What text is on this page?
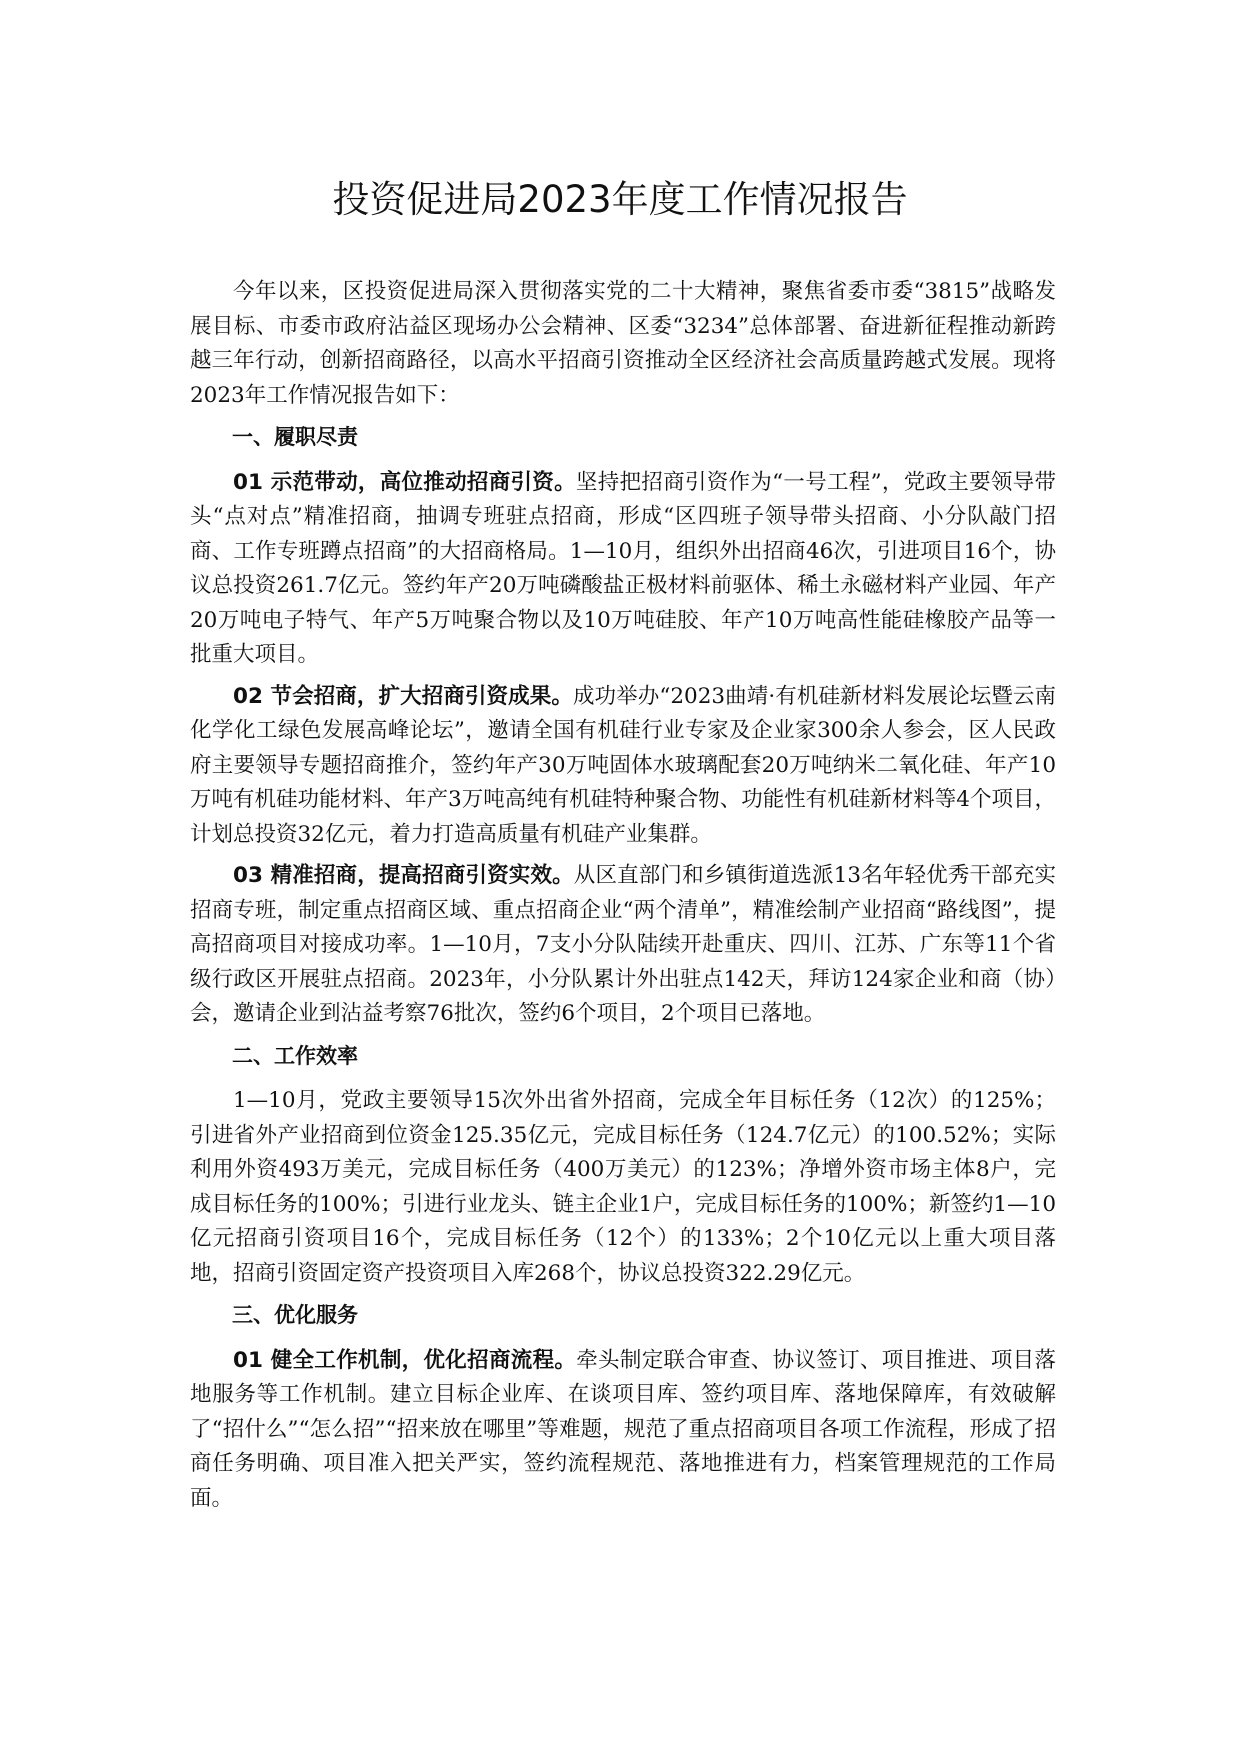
投资促进局2023年度工作情况报告

今年以来，区投资促进局深入贯彻落实党的二十大精神，聚焦省委市委“3815”战略发展目标、市委市政府沾益区现场办公会精神、区委“3234”总体部署、奋进新征程推动新跨越三年行动，创新招商路径，以高水平招商引资推动全区经济社会高质量跨越式发展。现将2023年工作情况报告如下：

一、履职尽责

01 示范带动，高位推动招商引资。坚持把招商引资作为“一号工程”，党政主要领导带头“点对点”精准招商，抽调专班驻点招商，形成“区四班子领导带头招商、小分队敲门招商、工作专班蹲点招商”的大招商格局。1—10月，组织外出招商46次，引进项目16个，协议总投资261.7亿元。签约年产20万吨磷酸盐正极材料前驱体、稀土永磁材料产业园、年产20万吨电子特气、年产5万吨聚合物以及10万吨硅胶、年产10万吨高性能硅橡胶产品等一批重大项目。

02 节会招商，扩大招商引资成果。成功举办“2023曲靖·有机硅新材料发展论坛暨云南化学化工绿色发展高峰论坛”，邀请全国有机硅行业专家及企业家300余人参会，区人民政府主要领导专题招商推介，签约年产30万吨固体水玻璃配套20万吨纳米二氧化硅、年产10万吨有机硅功能材料、年产3万吨高纯有机硅特种聚合物、功能性有机硅新材料等4个项目，计划总投资32亿元，着力打造高质量有机硅产业集群。

03 精准招商，提高招商引资实效。从区直部门和乡镇街道选派13名年轻优秀干部充实招商专班，制定重点招商区域、重点招商企业“两个清单”，精准绘制产业招商“路线图”，提高招商项目对接成功率。1—10月，7支小分队陆续开赴重庆、四川、江苏、广东等11个省级行政区开展驻点招商。2023年，小分队累计外出驻点142天，拜访124家企业和商（协）会，邀请企业到沾益考察76批次，签约6个项目，2个项目已落地。

二、工作效率

1—10月，党政主要领导15次外出省外招商，完成全年目标任务（12次）的125%；引进省外产业招商到位资金125.35亿元，完成目标任务（124.7亿元）的100.52%；实际利用外资493万美元，完成目标任务（400万美元）的123%；净增外资市场主体8户，完成目标任务的100%；引进行业龙头、链主企业1户，完成目标任务的100%；新签约1—10亿元招商引资项目16个，完成目标任务（12个）的133%；2个10亿元以上重大项目落地，招商引资固定资产投资项目入库268个，协议总投资322.29亿元。

三、优化服务

01 健全工作机制，优化招商流程。牵头制定联合审查、协议签订、项目推进、项目落地服务等工作机制。建立目标企业库、在谈项目库、签约项目库、落地保障库，有效破解了“招什么”“怎么招”“招来放在哪里”等难题，规范了重点招商项目各项工作流程，形成了招商任务明确、项目准入把关严实，签约流程规范、落地推进有力，档案管理规范的工作局面。
